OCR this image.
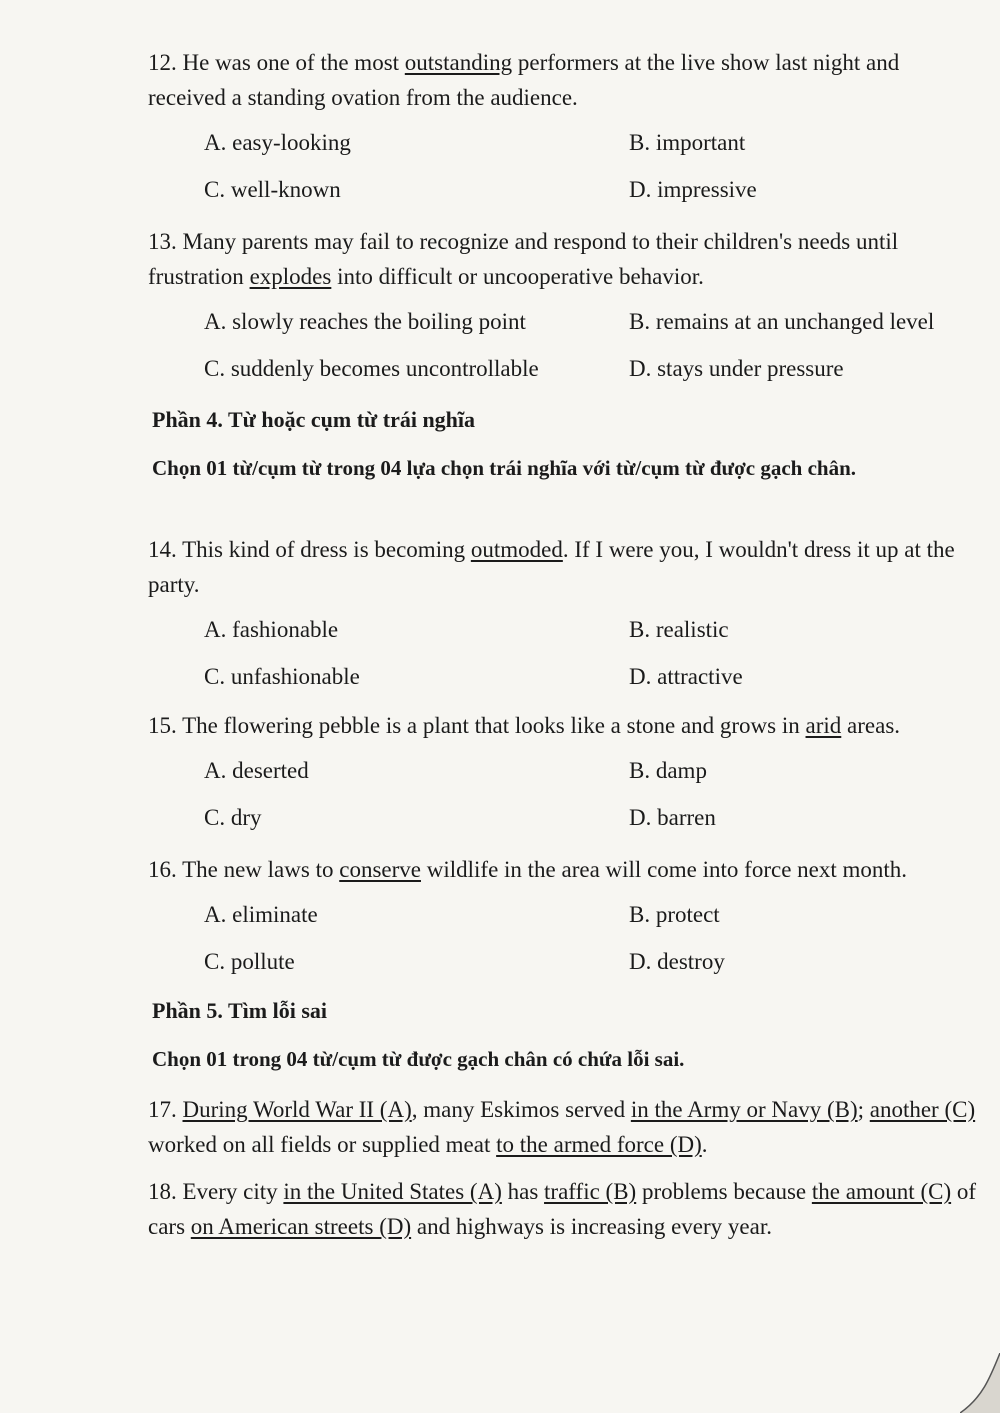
12. He was one of the most outstanding performers at the live show last night and received a standing ovation from the audience.

A. easy-looking	B. important
C. well-known	D. impressive

13. Many parents may fail to recognize and respond to their children's needs until frustration explodes into difficult or uncooperative behavior.

A. slowly reaches the boiling point	B. remains at an unchanged level
C. suddenly becomes uncontrollable	D. stays under pressure
Phần 4. Từ hoặc cụm từ trái nghĩa
Chọn 01 từ/cụm từ trong 04 lựa chọn trái nghĩa với từ/cụm từ được gạch chân.

14. This kind of dress is becoming outmoded. If I were you, I wouldn't dress it up at the party.

A. fashionable	B. realistic
C. unfashionable	D. attractive

15. The flowering pebble is a plant that looks like a stone and grows in arid areas.

A. deserted	B. damp
C. dry	D. barren

16. The new laws to conserve wildlife in the area will come into force next month.

A. eliminate	B. protect
C. pollute	D. destroy
Phần 5. Tìm lỗi sai
Chọn 01 trong 04 từ/cụm từ được gạch chân có chứa lỗi sai.

17. During World War II (A), many Eskimos served in the Army or Navy (B); another (C) worked on all fields or supplied meat to the armed force (D).

18. Every city in the United States (A) has traffic (B) problems because the amount (C) of cars on American streets (D) and highways is increasing every year.
